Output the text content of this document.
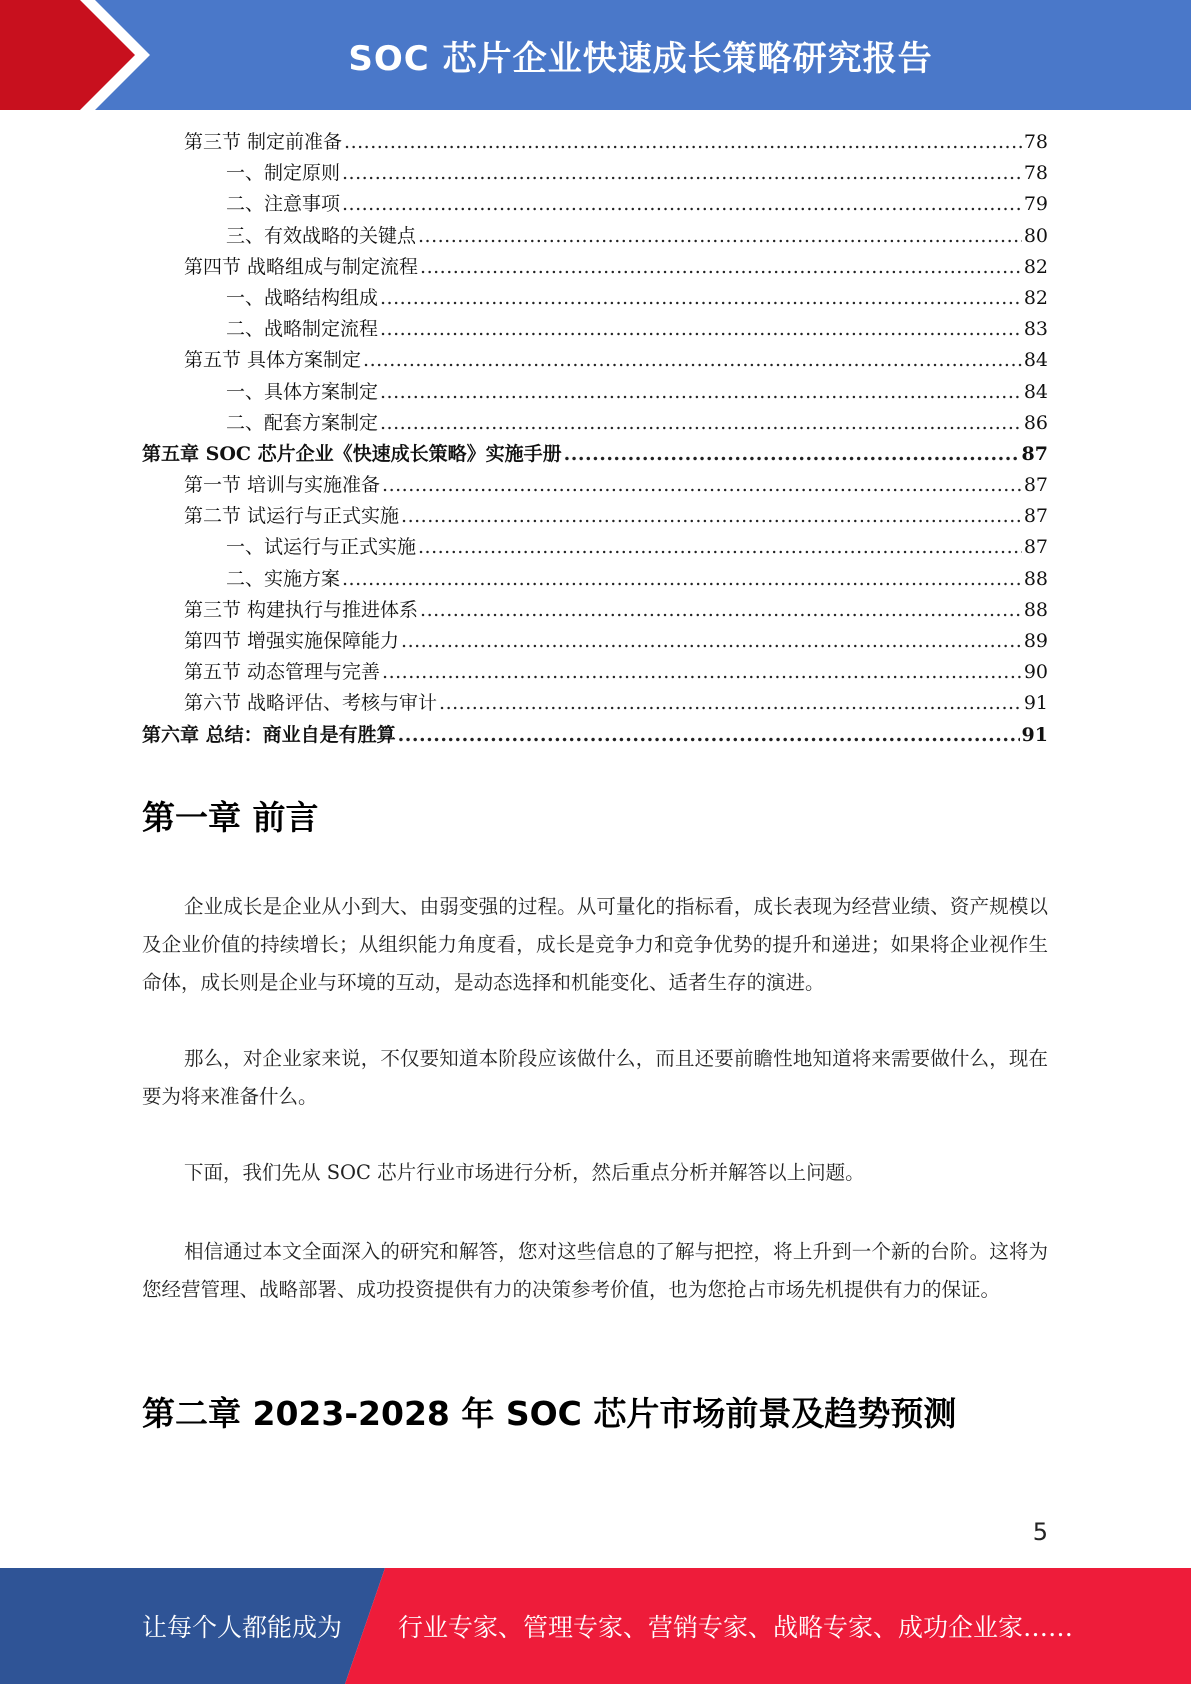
SOC 芯片企业快速成长策略研究报告
第三节 制定前准备 .....	78
一、制定原则 .....	78
二、注意事项 .....	79
三、有效战略的关键点 .....	80
第四节 战略组成与制定流程 .....	82
一、战略结构组成 .....	82
二、战略制定流程 .....	83
第五节 具体方案制定 .....	84
一、具体方案制定 .....	84
二、配套方案制定 .....	86
第五章 SOC 芯片企业《快速成长策略》实施手册 .....	87
第一节 培训与实施准备 .....	87
第二节 试运行与正式实施 .....	87
一、试运行与正式实施 .....	87
二、实施方案 .....	88
第三节 构建执行与推进体系 .....	88
第四节 增强实施保障能力 .....	89
第五节 动态管理与完善 .....	90
第六节 战略评估、考核与审计 .....	91
第六章 总结：商业自是有胜算 .....	91
第一章 前言
企业成长是企业从小到大、由弱变强的过程。从可量化的指标看，成长表现为经营业绩、资产规模以及企业价值的持续增长；从组织能力角度看，成长是竞争力和竞争优势的提升和递进；如果将企业视作生命体，成长则是企业与环境的互动，是动态选择和机能变化、适者生存的演进。
那么，对企业家来说，不仅要知道本阶段应该做什么，而且还要前瞻性地知道将来需要做什么，现在要为将来准备什么。
下面，我们先从 SOC 芯片行业市场进行分析，然后重点分析并解答以上问题。
相信通过本文全面深入的研究和解答，您对这些信息的了解与把控，将上升到一个新的台阶。这将为您经营管理、战略部署、成功投资提供有力的决策参考价值，也为您抢占市场先机提供有力的保证。
第二章 2023-2028 年 SOC 芯片市场前景及趋势预测
5
让每个人都能成为 行业专家、管理专家、营销专家、战略专家、成功企业家……
